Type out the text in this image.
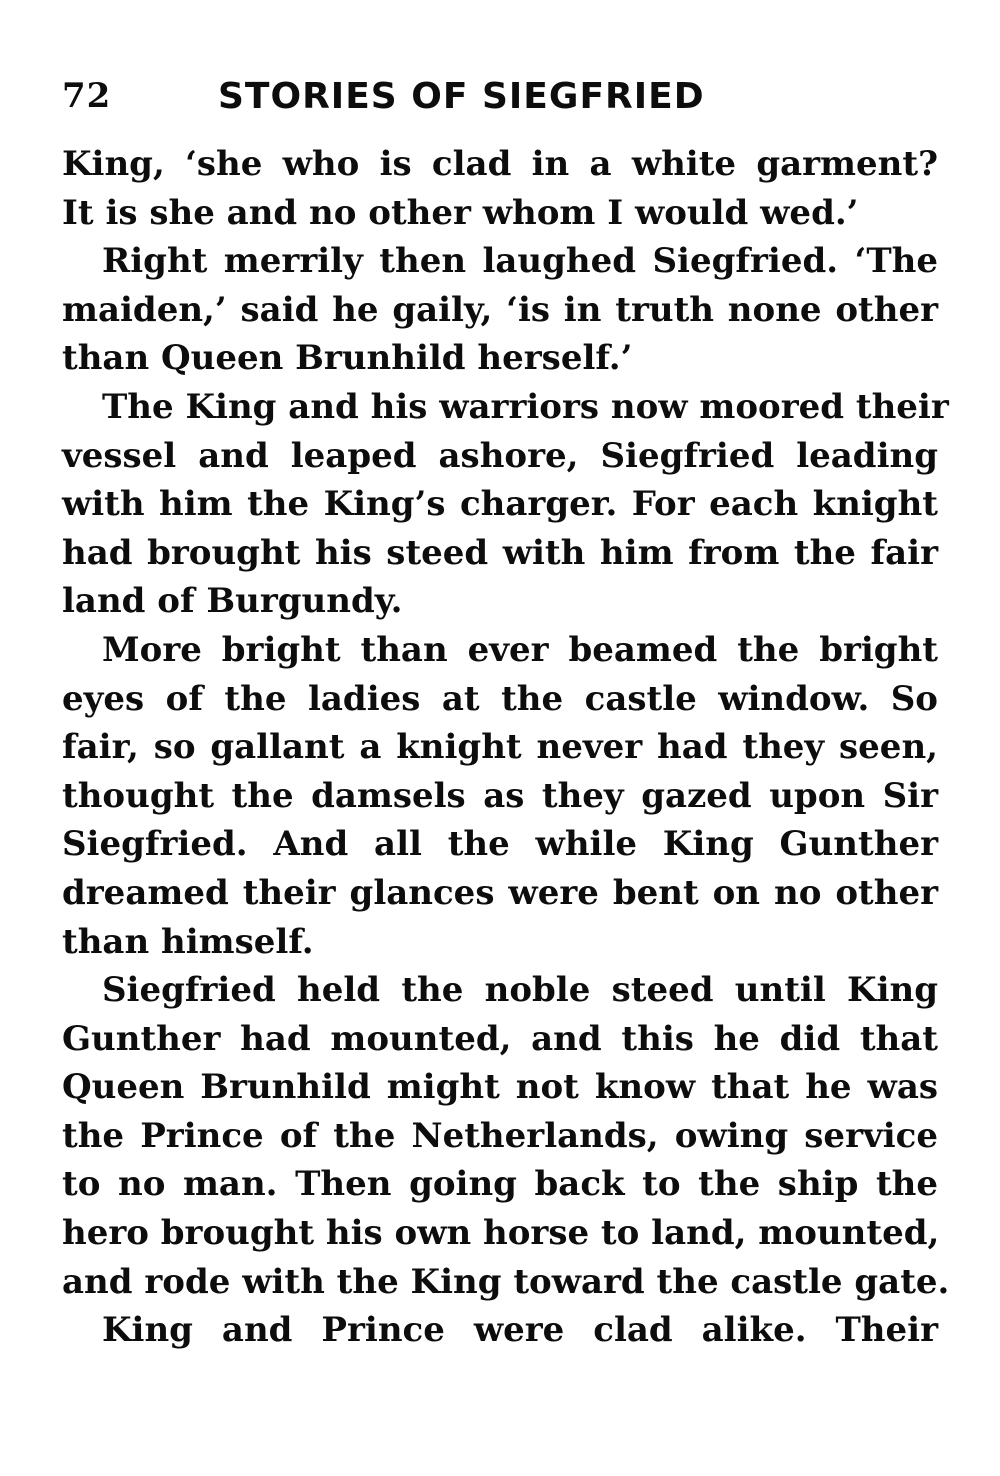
72	STORIES OF SIEGFRIED
King, ‘she who is clad in a white garment?
It is she and no other whom I would wed.’
Right merrily then laughed Siegfried. ‘The
maiden,’ said he gaily, ‘is in truth none other
than Queen Brunhild herself.’
The King and his warriors now moored their
vessel and leaped ashore, Siegfried leading
with him the King’s charger. For each knight
had brought his steed with him from the fair
land of Burgundy.
More bright than ever beamed the bright
eyes of the ladies at the castle window. So
fair, so gallant a knight never had they seen,
thought the damsels as they gazed upon Sir
Siegfried. And all the while King Gunther
dreamed their glances were bent on no other
than himself.
Siegfried held the noble steed until King
Gunther had mounted, and this he did that
Queen Brunhild might not know that he was
the Prince of the Netherlands, owing service
to no man. Then going back to the ship the
hero brought his own horse to land, mounted,
and rode with the King toward the castle gate.
King and Prince were clad alike. Their
